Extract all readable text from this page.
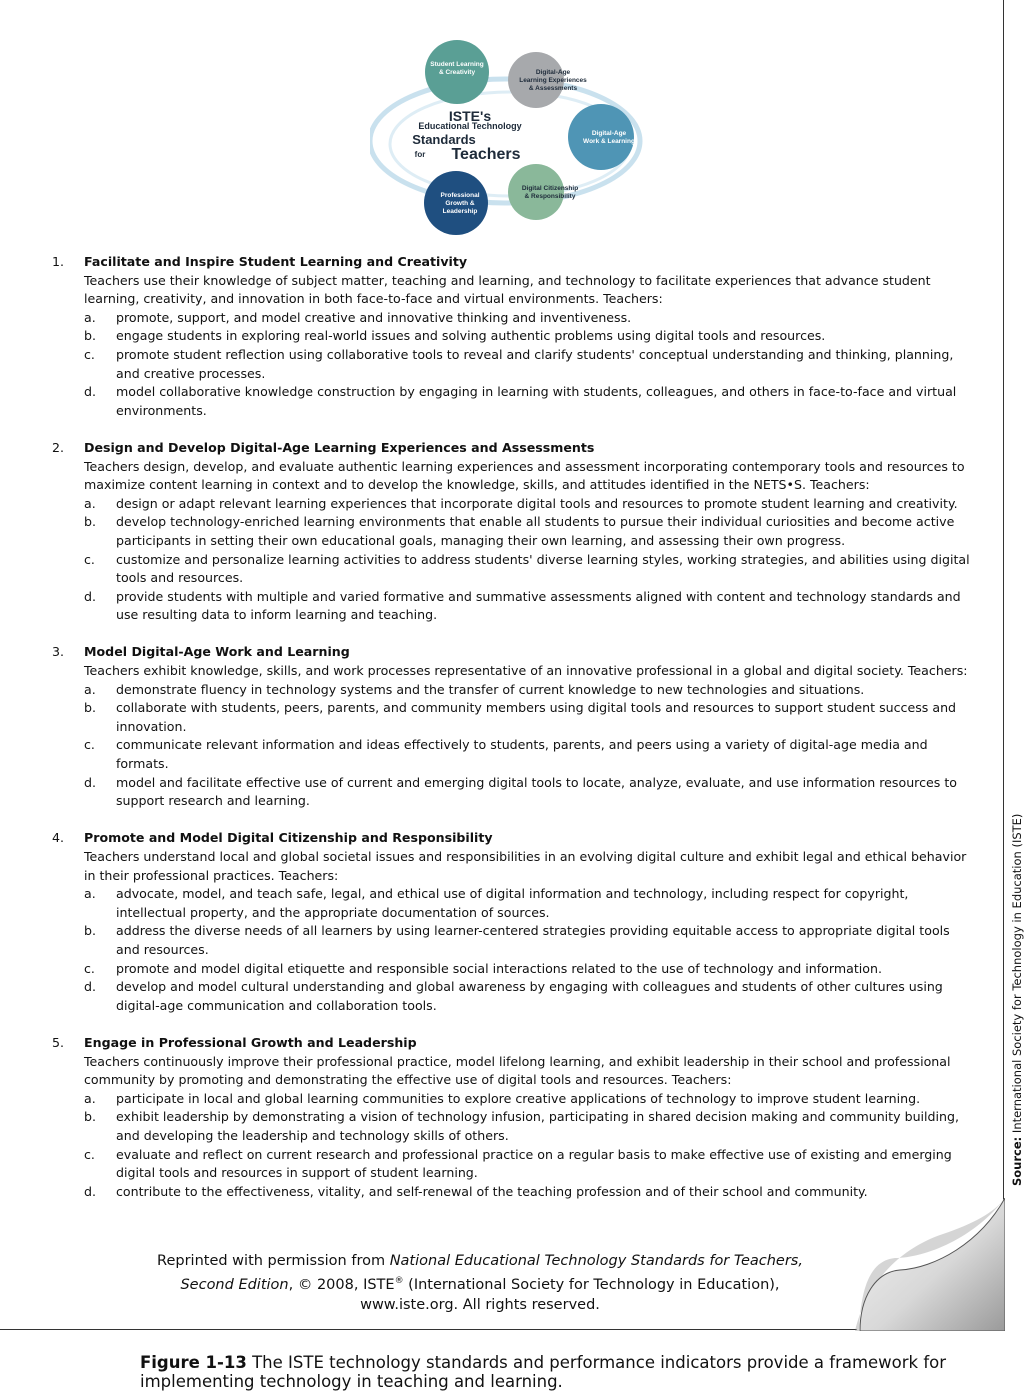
ISTE's
Educational Technology
Standards
for Teachers
Student Learning
& Creativity	Digital-Age
Learning Experiences
& Assessments
Digital-Age
Work & Learning
Digital Citizenship
& Responsibility
Professional
Growth &
Leadership
1. Facilitate and Inspire Student Learning and Creativity
Teachers use their knowledge of subject matter, teaching and learning, and technology to facilitate experiences that advance student learning, creativity, and innovation in both face-to-face and virtual environments. Teachers:
a. promote, support, and model creative and innovative thinking and inventiveness.
b. engage students in exploring real-world issues and solving authentic problems using digital tools and resources.
c. promote student reflection using collaborative tools to reveal and clarify students' conceptual understanding and thinking, planning, and creative processes.
d. model collaborative knowledge construction by engaging in learning with students, colleagues, and others in face-to-face and virtual environments.
2. Design and Develop Digital-Age Learning Experiences and Assessments
Teachers design, develop, and evaluate authentic learning experiences and assessment incorporating contemporary tools and resources to maximize content learning in context and to develop the knowledge, skills, and attitudes identified in the NETS•S. Teachers:
a. design or adapt relevant learning experiences that incorporate digital tools and resources to promote student learning and creativity.
b. develop technology-enriched learning environments that enable all students to pursue their individual curiosities and become active participants in setting their own educational goals, managing their own learning, and assessing their own progress.
c. customize and personalize learning activities to address students' diverse learning styles, working strategies, and abilities using digital tools and resources.
d. provide students with multiple and varied formative and summative assessments aligned with content and technology standards and use resulting data to inform learning and teaching.
3. Model Digital-Age Work and Learning
Teachers exhibit knowledge, skills, and work processes representative of an innovative professional in a global and digital society. Teachers:
a. demonstrate fluency in technology systems and the transfer of current knowledge to new technologies and situations.
b. collaborate with students, peers, parents, and community members using digital tools and resources to support student success and innovation.
c. communicate relevant information and ideas effectively to students, parents, and peers using a variety of digital-age media and formats.
d. model and facilitate effective use of current and emerging digital tools to locate, analyze, evaluate, and use information resources to support research and learning.
4. Promote and Model Digital Citizenship and Responsibility
Teachers understand local and global societal issues and responsibilities in an evolving digital culture and exhibit legal and ethical behavior in their professional practices. Teachers:
a. advocate, model, and teach safe, legal, and ethical use of digital information and technology, including respect for copyright, intellectual property, and the appropriate documentation of sources.
b. address the diverse needs of all learners by using learner-centered strategies providing equitable access to appropriate digital tools and resources.
c. promote and model digital etiquette and responsible social interactions related to the use of technology and information.
d. develop and model cultural understanding and global awareness by engaging with colleagues and students of other cultures using digital-age communication and collaboration tools.
5. Engage in Professional Growth and Leadership
Teachers continuously improve their professional practice, model lifelong learning, and exhibit leadership in their school and professional community by promoting and demonstrating the effective use of digital tools and resources. Teachers:
a. participate in local and global learning communities to explore creative applications of technology to improve student learning.
b. exhibit leadership by demonstrating a vision of technology infusion, participating in shared decision making and community building, and developing the leadership and technology skills of others.
c. evaluate and reflect on current research and professional practice on a regular basis to make effective use of existing and emerging digital tools and resources in support of student learning.
d. contribute to the effectiveness, vitality, and self-renewal of the teaching profession and of their school and community.
Reprinted with permission from National Educational Technology Standards for Teachers,
Second Edition, © 2008, ISTE® (International Society for Technology in Education),
www.iste.org. All rights reserved.
Source: International Society for Technology in Education (ISTE)
Figure 1-13 The ISTE technology standards and performance indicators provide a framework for implementing technology in teaching and learning.
